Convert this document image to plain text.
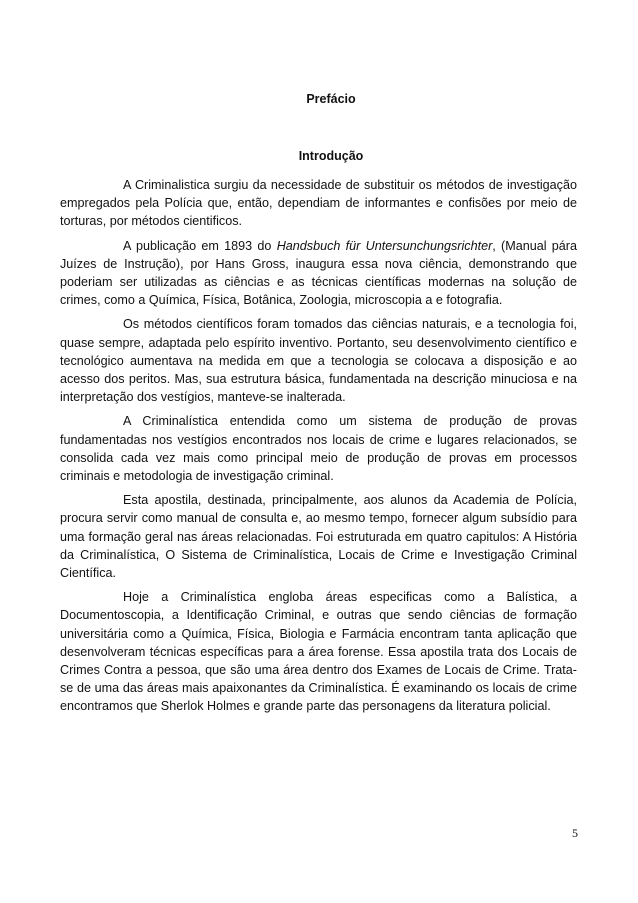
Prefácio
Introdução

A Criminalistica surgiu da necessidade de substituir os métodos de investigação empregados pela Polícia que, então, dependiam de informantes e confisões por meio de torturas, por métodos cientificos.

A publicação em 1893 do Handsbuch für Untersunchungsrichter, (Manual pára Juízes de Instrução), por Hans Gross, inaugura essa nova ciência, demonstrando que poderiam ser utilizadas as ciências e as técnicas científicas modernas na solução de crimes, como a Química, Física, Botânica, Zoologia, microscopia a e fotografia.

Os métodos científicos foram tomados das ciências naturais, e a tecnologia foi, quase sempre, adaptada pelo espírito inventivo. Portanto, seu desenvolvimento científico e tecnológico aumentava na medida em que a tecnologia se colocava a disposição e ao acesso dos peritos. Mas, sua estrutura básica, fundamentada na descrição minuciosa e na interpretação dos vestígios, manteve-se inalterada.

A Criminalística entendida como um sistema de produção de provas fundamentadas nos vestígios encontrados nos locais de crime e lugares relacionados, se consolida cada vez mais como principal meio de produção de provas em processos criminais e metodologia de investigação criminal.

Esta apostila, destinada, principalmente, aos alunos da Academia de Polícia, procura servir como manual de consulta e, ao mesmo tempo, fornecer algum subsídio para uma formação geral nas áreas relacionadas. Foi estruturada em quatro capitulos: A História da Criminalística, O Sistema de Criminalística, Locais de Crime e Investigação Criminal Científica.

Hoje a Criminalística engloba áreas especificas como a Balística, a Documentoscopia, a Identificação Criminal, e outras que sendo ciências de formação universitária como a Química, Física, Biologia e Farmácia encontram tanta aplicação que desenvolveram técnicas específicas para a área forense. Essa apostila trata dos Locais de Crimes Contra a pessoa, que são uma área dentro dos Exames de Locais de Crime. Trata-se de uma das áreas mais apaixonantes da Criminalística. É examinando os locais de crime encontramos que Sherlok Holmes e grande parte das personagens da literatura policial.

5
